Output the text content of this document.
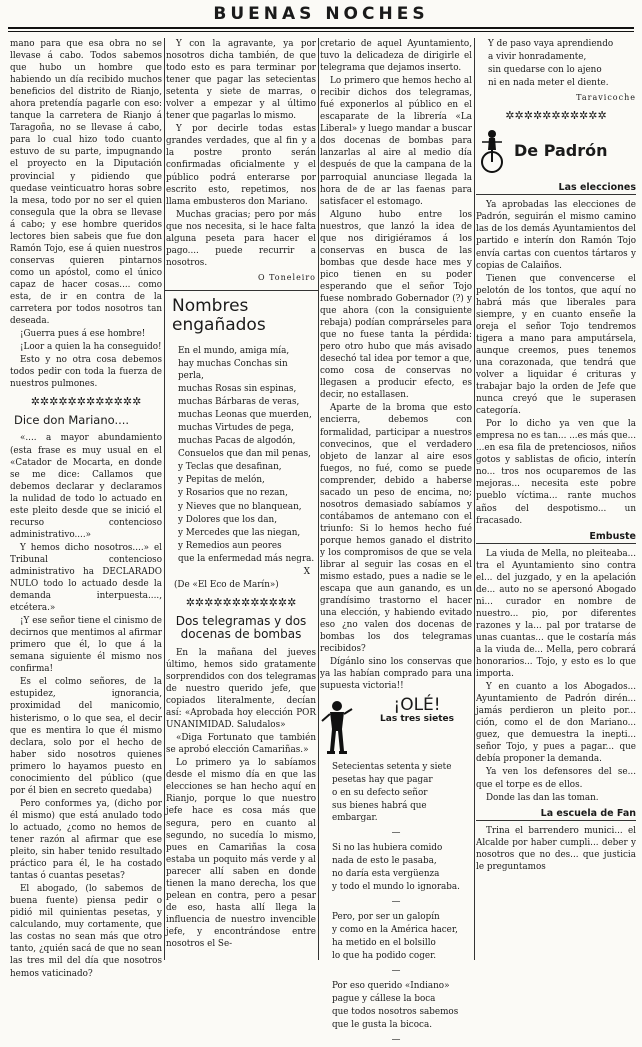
BUENAS NOCHES

mano para que esa obra no se llevase á cabo. Todos sabemos que hubo un hombre que habiendo un día recibido muchos beneficios del distrito de Rianjo, ahora pretendía pagarle con eso: tanque la carretera de Rianjo á Taragoña, no se llevase á cabo, para lo cual hizo todo cuanto estuvo de su parte, impugnando el proyecto en la Diputación provincial y pidiendo que quedase veinticuatro horas sobre la mesa, todo por no ser el quien consegula que la obra se llevase á cabo; y ese hombre queridos lectores bien sabeis que fue don Ramón Tojo, ese á quien nuestros conservas quieren pintarnos como un apóstol, como el único capaz de hacer cosas.... como esta, de ir en contra de la carretera por todos nosotros tan deseada.

¡Guerra pues á ese hombre!

¡Loor a quien la ha conseguido!

Esto y no otra cosa debemos todos pedir con toda la fuerza de nuestros pulmones.

✲✲✲✲✲✲✲✲✲✲✲✲
Dice don Mariano....

«.... a mayor abundamiento (esta frase es muy usual en el «Catador de Mocarta, en donde se me dice: Callamos que debemos declarar y declaramos la nulidad de todo lo actuado en este pleito desde que se inició el recurso contencioso administrativo....»

Y hemos dicho nosotros....» el Tribunal contencioso administrativo ha DECLARADO NULO todo lo actuado desde la demanda interpuesta...., etcétera.»

¡Y ese señor tiene el cinismo de decirnos que mentimos al afirmar primero que él, lo que á la semana siguiente él mismo nos confirma!

Es el colmo señores, de la estupidez, ignorancia, proximidad del manicomio, histerismo, o lo que sea, el decir que es mentira lo que él mismo declara, solo por el hecho de haber sido nosotros quienes primero lo hayamos puesto en conocimiento del público (que por él bien en secreto quedaba)

Pero conformes ya, (dicho por él mismo) que está anulado todo lo actuado, ¿como no hemos de tener razón al afirmar que ese pleito, sin haber tenido resultado práctico para él, le ha costado tantas ó cuantas pesetas?

El abogado, (lo sabemos de buena fuente) piensa pedir o pidió mil quinientas pesetas, y calculando, muy cortamente, que las costas no sean más que otro tanto, ¿quién sacá de que no sean las tres mil del día que nosotros hemos vaticinado?

Y con la agravante, ya por nosotros dicha también, de que todo esto es para terminar por tener que pagar las setecientas setenta y siete de marras, o volver a empezar y al último tener que pagarlas lo mismo.

Y por decirle todas estas grandes verdades, que al fin y a la postre pronto serán confirmadas oficialmente y el público podrá enterarse por escrito esto, repetimos, nos llama embusteros don Mariano.

Muchas gracias; pero por más que nos necesita, si le hace falta alguna peseta para hacer el pago.... puede recurrir a nosotros.

O Toneleiro
Nombres engañados

En el mundo, amiga mía,

hay muchas Conchas sin perla,

muchas Rosas sin espinas,

muchas Bárbaras de veras,

muchas Leonas que muerden,

muchas Virtudes de pega,

muchas Pacas de algodón,

Consuelos que dan mil penas,

y Teclas que desafinan,

y Pepitas de melón,

y Rosarios que no rezan,

y Nieves que no blanquean,

y Dolores que los dan,

y Mercedes que las niegan,

y Remedios aun peores

que la enfermedad más negra.

X

(De «El Eco de Marín»)

✲✲✲✲✲✲✲✲✲✲✲✲
Dos telegramas y dos docenas de bombas

En la mañana del jueves último, hemos sido gratamente sorprendidos con dos telegramas de nuestro querido jefe, que copiados literalmente, decían así: «Aprobada hoy elección POR UNANIMIDAD. Saludalos»

«Diga Fortunato que también se aprobó elección Camariñas.»

Lo primero ya lo sabíamos desde el mismo día en que las elecciones se han hecho aquí en Rianjo, porque lo que nuestro jefe hace es cosa más que segura, pero en cuanto al segundo, no sucedía lo mismo, pues en Camariñas la cosa estaba un poquito más verde y al parecer allí saben en donde tienen la mano derecha, los que pelean en contra, pero a pesar de eso, hasta allí llega la influencia de nuestro invencible jefe, y encontrándose entre nosotros el Se-

cretario de aquel Ayuntamiento, tuvo la delicadeza de dirigirle el telegrama que dejamos inserto.

Lo primero que hemos hecho al recibir dichos dos telegramas, fué exponerlos al público en el escaparate de la librería «La Liberal» y luego mandar a buscar dos docenas de bombas para lanzarlas al aire al medio día después de que la campana de la parroquial anunciase llegada la hora de de ar las faenas para satisfacer el estomago.

Alguno hubo entre los nuestros, que lanzó la idea de que nos dirigiéramos á los conservas en busca de las bombas que desde hace mes y pico tienen en su poder esperando que el señor Tojo fuese nombrado Gobernador (?) y que ahora (con la consiguiente rebaja) podían comprárseles para que no fuese tanta la pérdida: pero otro hubo que más avisado desechó tal idea por temor a que, como cosa de conservas no llegasen a producir efecto, es decir, no estallasen.

Aparte de la broma que esto encierra, debemos con formalidad, participar a nuestros convecinos, que el verdadero objeto de lanzar al aire esos fuegos, no fué, como se puede comprender, debido a haberse sacado un peso de encima, no; nosotros demasiado sabíamos y contábamos de antemano con el triunfo: Si lo hemos hecho fué porque hemos ganado el distrito y los compromisos de que se vela librar al seguir las cosas en el mismo estado, pues a nadie se le escapa que aun ganando, es un grandísimo trastorno el hacer una elección, y habiendo evitado eso ¿no valen dos docenas de bombas los dos telegramas recibidos?

Dígánlo sino los conservas que ya las habían comprado para una supuesta victoria!!

¡OLÉ!
Las tres sietes

Setecientas setenta y siete

pesetas hay que pagar

o en su defecto señor

sus bienes habrá que embargar.

—

Si no las hubiera comido

nada de esto le pasaba,

no daría esta vergüenza

y todo el mundo lo ignoraba.

—

Pero, por ser un galopín

y como en la América hacer,

ha metido en el bolsillo

lo que ha podido coger.

—

Por eso querido «Indiano»

pague y cállese la boca

que todos nosotros sabemos

que le gusta la bicoca.

—

Y de paso vaya aprendiendo

a vivir honradamente,

sin quedarse con lo ajeno

ni en nada meter el diente.

Taravicoche
✲✲✲✲✲✲✲✲✲✲✲
De Padrón
Las elecciones

Ya aprobadas las elecciones de Padrón, seguirán el mismo camino las de los demás Ayuntamientos del partido e interín don Ramón Tojo envía cartas con cuentos tártaros y copias de Calaiños.

Tienen que convencerse el pelotón de los tontos, que aquí no habrá más que liberales para siempre, y en cuanto enseñe la oreja el señor Tojo tendremos tigera a mano para amputársela, aunque creemos, pues tenemos una corazonada, que tendrá que volver a liquidar é crituras y trabajar bajo la orden de Jefe que nunca creyó que le superasen categoría.

Por lo dicho ya ven que la empresa no es tan... ...es más que... ...en esa fila de pretenciosos, niños gotos y sablistas de oficio, interín no... tros nos ocuparemos de las mejoras... necesita este pobre pueblo víctima... rante muchos años del despotismo... un fracasado.

Embuste

La viuda de Mella, no pleiteaba... tra el Ayuntamiento sino contra el... del juzgado, y en la apelación de... auto no se apersonó Abogado ni... curador en nombre de nuestro... pio, por diferentes razones y la... pal por tratarse de unas cuantas... que le costaría más a la viuda de... Mella, pero cobrará honorarios... Tojo, y esto es lo que importa.

Y en cuanto a los Abogados... Ayuntamiento de Padrón dirén... jamás perdieron un pleito por... ción, como el de don Mariano... guez, que demuestra la inepti... señor Tojo, y pues a pagar... que debía proponer la demanda.

Ya ven los defensores del se... que el torpe es de ellos.

Donde las dan las toman.

La escuela de Fan

Trina el barrendero munici... el Alcalde por haber cumpli... deber y nosotros que no des... que justicia le preguntamos
